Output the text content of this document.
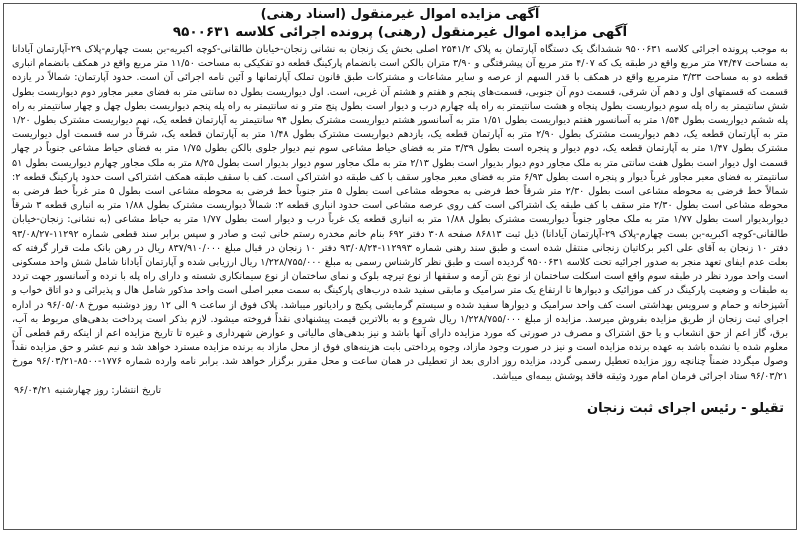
آگهی مزایده اموال غیرمنقول (اسناد رهنی)
آگهی مزایده اموال غیرمنقول (رهنی) پرونده اجرائی کلاسه ۹۵۰۰۶۳۱

به موجب پرونده اجرائی کلاسه ۹۵۰۰۶۳۱ ششدانگ یک دستگاه آپارتمان به پلاک ۲۵۴۱/۲ اصلی بخش یک زنجان به نشانی زنجان-خیابان طالقانی-کوچه اکبریه-بن بست چهارم-پلاک ۲۹-آپارتمان آیادانا به مساحت ۷۴/۴۷ متر مربع واقع در طبقه یک که ۴/۰۷ متر مربع آن پیشرفتگی و ۳/۹۰ متران بالکن است بانضمام پارکینگ قطعه دو تفکیکی به مساحت ۱۱/۵۰ متر مربع واقع در همکف بانضمام انباری قطعه دو به مساحت ۳/۳۳ مترمربع واقع در همکف با قدر السهم از عرصه و سایر مشاعات و مشترکات طبق قانون تملک آپارتمانها و آئین نامه اجرائی آن است. حدود آپارتمان: شمالاً در یازده قسمت که قسمتهای اول و دهم آن شرقی، قسمت دوم آن جنوبی، قسمت‌های پنجم و هفتم و هشتم آن غربی، است. اول دیواریست بطول ده سانتی متر به فضای معبر مجاور دوم دیواریست بطول شش سانتیمتر به راه پله سوم دیواریست بطول پنجاه و هشت سانتیمتر به راه پله چهارم درب و دیوار است بطول پنج متر و نه سانتیمتر به راه پله پنجم دیواریست بطول چهل و چهار سانتیمتر به راه پله ششم دیواریست بطول ۱/۵۴ متر به آسانسور هفتم دیواریست بطول ۱/۵۱ متر به آسانسور هشتم دیواریست مشترک بطول ۹۴ سانتیمتر به آپارتمان قطعه یک، نهم دیواریست مشترک بطول ۱/۲۰ متر به آپارتمان قطعه یک، دهم دیواریست مشترک بطول ۲/۹۰ متر به آپارتمان قطعه یک، یازدهم دیواریست مشترک بطول ۱/۴۸ متر به آپارتمان قطعه یک، شرقاً در سه قسمت اول دیواریست مشترک بطول ۱/۴۷ متر به آپارتمان قطعه یک، دوم دیوار و پنجره است بطول ۳/۳۹ متر به فضای حیاط مشاعی سوم نیم دیوار جلوی بالکن بطول ۱/۷۵ متر به فضای حیاط مشاعی جنوباً در چهار قسمت اول دیوار است بطول هفت سانتی متر به ملک مجاور دوم دیوار بدیوار است بطول ۲/۱۳ متر به ملک مجاور سوم دیوار بدیوار است بطول ۸/۲۵ متر به ملک مجاور چهارم دیواریست بطول ۵۱ سانتیمتر به فضای معبر مجاور غرباً دیوار و پنجره است بطول ۶/۹۳ متر به فضای معبر مجاور سقف با کف طبقه دو اشتراکی است. کف با سقف طبقه همکف اشتراکی است حدود پارکینگ قطعه ۲: شمالاً خط فرضی به محوطه مشاعی است بطول ۲/۳۰ متر شرقاً خط فرضی به محوطه مشاعی است بطول ۵ متر جنوباً خط فرضی به محوطه مشاعی است بطول ۵ متر غرباً خط فرضی به محوطه مشاعی است بطول ۲/۳۰ متر سقف با کف طبقه یک اشتراکی است کف روی عرصه مشاعی است حدود انباری قطعه ۲: شمالاً دیواریست مشترک بطول ۱/۸۸ متر به انباری قطعه ۳ شرقاً دیواربدیوار است بطول ۱/۷۷ متر به ملک مجاور جنوباً دیواریست مشترک بطول ۱/۸۸ متر به انباری قطعه یک غرباً درب و دیوار است بطول ۱/۷۷ متر به حیاط مشاعی (به نشانی: زنجان-خیابان طالقانی-کوچه اکبریه-بن بست چهارم-پلاک ۲۹-آپارتمان آیادانا) ذیل ثبت ۸۶۸۱۳ صفحه ۳۰۸ دفتر ۶۹۲ بنام خانم مخدره رستم خانی ثبت و صادر و سپس برابر سند قطعی شماره ۱۱۲۹۲-۹۳/۰۸/۲۷ دفتر ۱۰ زنجان به آقای علی اکبر برکاتیان زنجانی منتقل شده است و طبق سند رهنی شماره ۱۱۲۹۹۳-۹۳/۰۸/۲۴ دفتر ۱۰ زنجان در قبال مبلغ ۸۳۷/۹۱۰/۰۰۰ ریال در رهن بانک ملت قرار گرفته که بعلت عدم ایفای تعهد منجر به صدور اجرائیه تحت کلاسه ۹۵۰۰۶۳۱ گردیده است و طبق نظر کارشناس رسمی به مبلغ ۱/۲۲۸/۷۵۵/۰۰۰ ریال ارزیابی شده و آپارتمان آیادانا شامل شش واحد مسکونی است واحد مورد نظر در طبقه سوم واقع است اسکلت ساختمان از نوع بتن آرمه و سقفها از نوع تیرچه بلوک و نمای ساختمان از نوع سیمانکاری شسته و دارای راه پله با نرده و آسانسور جهت تردد به طبقات و وضعیت پارکینگ در کف موزائیک و دیوارها تا ارتفاع یک متر سرامیک و مابقی سفید شده درب‌های پارکینگ به سمت معبر اصلی است واحد مذکور شامل هال و پذیرائی و دو اتاق خواب و آشپزخانه و حمام و سرویس بهداشتی است کف واحد سرامیک و دیوارها سفید شده و سیستم گرمایشی پکیج و رادیاتور میباشد. پلاک فوق از ساعت ۹ الی ۱۲ روز دوشنبه مورخ ۹۶/۰۵/۰۸ در اداره اجرای ثبت زنجان از طریق مزایده بفروش میرسد. مزایده از مبلغ ۱/۲۲۸/۷۵۵/۰۰۰ ریال شروع و به بالاترین قیمت پیشنهادی نقداً فروخته میشود. لازم بذکر است پرداخت بدهی‌های مربوط به آب، برق، گاز اعم از حق انشعاب و یا حق اشتراک و مصرف در صورتی که مورد مزایده دارای آنها باشد و نیز بدهی‌های مالیاتی و عوارض شهرداری و غیره تا تاریخ مزایده اعم از اینکه رقم قطعی آن معلوم شده یا نشده باشد به عهده برنده مزایده است و نیز در صورت وجود مازاد، وجوه پرداختی بابت هزینه‌های فوق از محل مازاد به برنده مزایده مسترد خواهد شد و نیم عشر و حق مزایده نقداً وصول میگردد ضمناً چنانچه روز مزایده تعطیل رسمی گردد، مزایده روز اداری بعد از تعطیلی در همان ساعت و محل مقرر برگزار خواهد شد. برابر نامه وارده شماره ۱۷۷۶-۸۵۰۰-۹۶/۰۳/۲۱ مورخ ۹۶/۰۳/۲۱ ستاد اجرائی فرمان امام مورد وثیقه فاقد پوشش بیمه‌ای میباشد.

تاریخ انتشار: روز چهارشنبه ۹۶/۰۴/۲۱
تقیلو - رئیس اجرای ثبت زنجان
